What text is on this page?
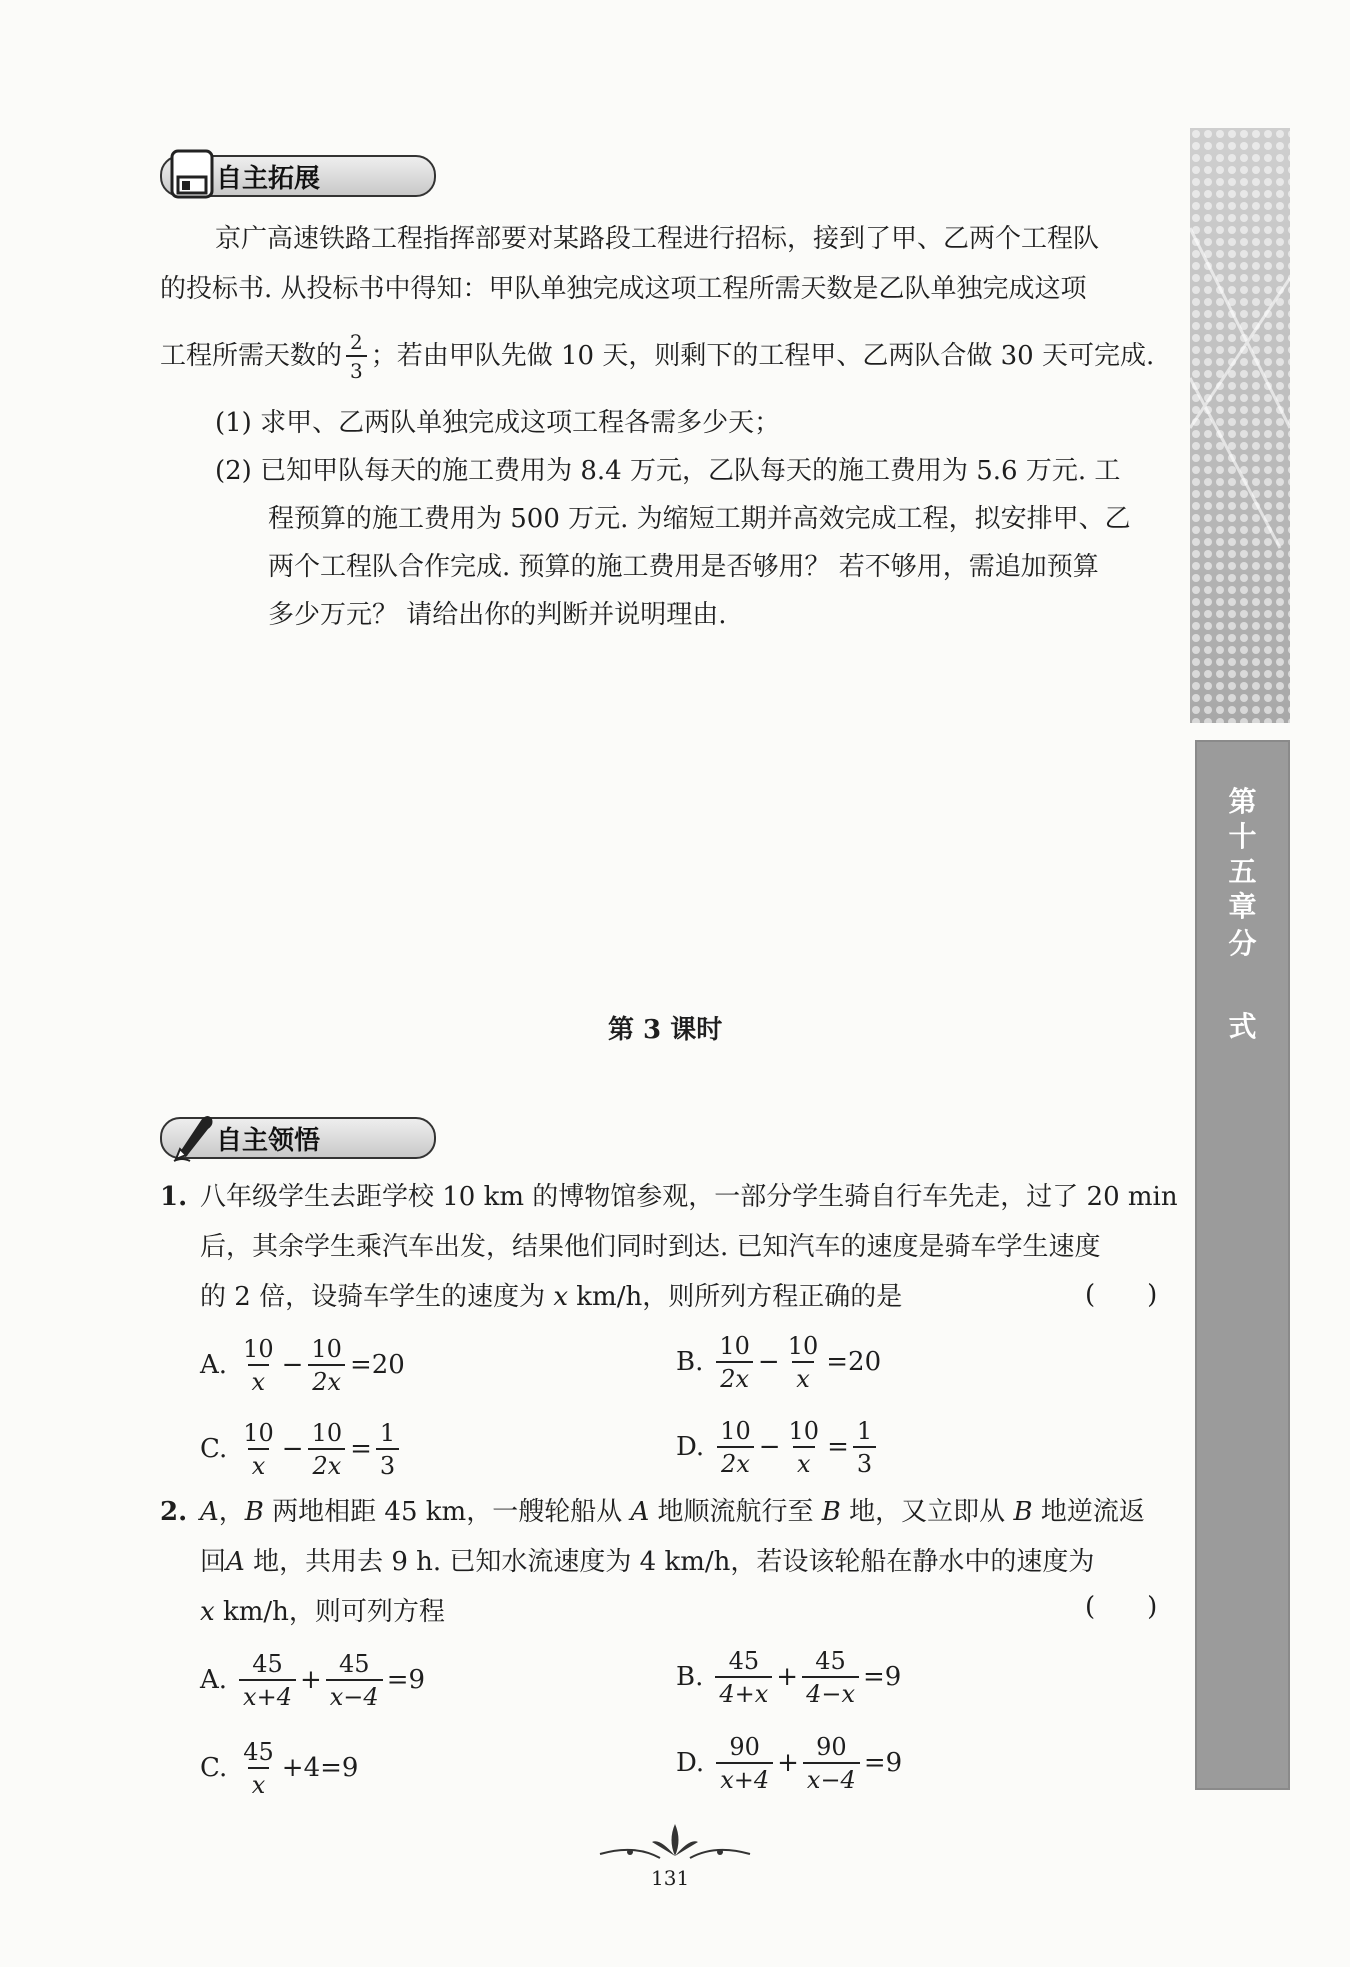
自主拓展
京广高速铁路工程指挥部要对某路段工程进行招标，接到了甲、乙两个工程队
的投标书. 从投标书中得知：甲队单独完成这项工程所需天数是乙队单独完成这项
工程所需天数的 $\frac{2}{3}$ ；若由甲队先做 10 天，则剩下的工程甲、乙两队合做 30 天可完成.
(1) 求甲、乙两队单独完成这项工程各需多少天；
(2) 已知甲队每天的施工费用为 8.4 万元，乙队每天的施工费用为 5.6 万元. 工
程预算的施工费用为 500 万元. 为缩短工期并高效完成工程，拟安排甲、乙
两个工程队合作完成. 预算的施工费用是否够用？ 若不够用，需追加预算
多少万元？ 请给出你的判断并说明理由.
第 3 课时
自主领悟
1. 八年级学生去距学校 10 km 的博物馆参观，一部分学生骑自行车先走，过了 20 min
后，其余学生乘汽车出发，结果他们同时到达. 已知汽车的速度是骑车学生速度
的 2 倍，设骑车学生的速度为 x km/h，则所列方程正确的是	(　　)
A. $\frac{10}{x} - \frac{10}{2x} =20$	B. $\frac{10}{2x} - \frac{10}{x} =20$
C. $\frac{10}{x} - \frac{10}{2x} = \frac{1}{3}$	D. $\frac{10}{2x} - \frac{10}{x} = \frac{1}{3}$
2. A，B 两地相距 45 km，一艘轮船从 A 地顺流航行至 B 地，又立即从 B 地逆流返
回A 地，共用去 9 h. 已知水流速度为 4 km/h，若设该轮船在静水中的速度为
x km/h，则可列方程	(　　)
A. $\frac{45}{x+4} + \frac{45}{x-4} =9$	B. $\frac{45}{4+x} + \frac{45}{4-x} =9$
C. $\frac{45}{x} +4=9$	D. $\frac{90}{x+4} + \frac{90}{x-4} =9$
第
十
五
章
分
式
131
